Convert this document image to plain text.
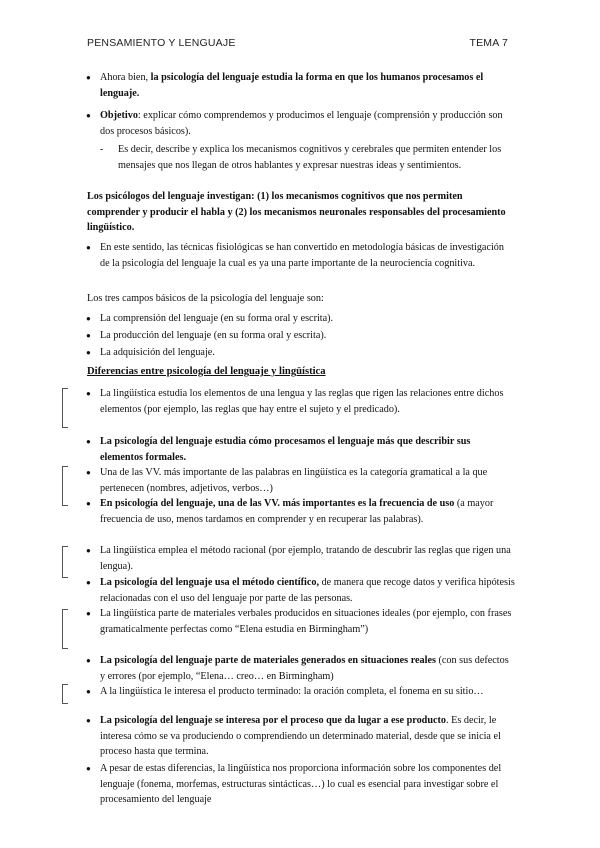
PENSAMIENTO Y LENGUAJE	TEMA 7
● Ahora bien, la psicología del lenguaje estudia la forma en que los humanos procesamos el lenguaje.
● Objetivo: explicar cómo comprendemos y producimos el lenguaje (comprensión y producción son dos procesos básicos).
- Es decir, describe y explica los mecanismos cognitivos y cerebrales que permiten entender los mensajes que nos llegan de otros hablantes y expresar nuestras ideas y sentimientos.
Los psicólogos del lenguaje investigan: (1) los mecanismos cognitivos que nos permiten comprender y producir el habla y (2) los mecanismos neuronales responsables del procesamiento lingüístico.
● En este sentido, las técnicas fisiológicas se han convertido en metodología básicas de investigación de la psicología del lenguaje la cual es ya una parte importante de la neurociencia cognitiva.
Los tres campos básicos de la psicología del lenguaje son:
● La comprensión del lenguaje (en su forma oral y escrita).
● La producción del lenguaje (en su forma oral y escrita).
● La adquisición del lenguaje.
Diferencias entre psicología del lenguaje y lingüística
● La lingüística estudia los elementos de una lengua y las reglas que rigen las relaciones entre dichos elementos (por ejemplo, las reglas que hay entre el sujeto y el predicado).
● La psicología del lenguaje estudia cómo procesamos el lenguaje más que describir sus elementos formales.
● Una de las VV. más importante de las palabras en lingüística es la categoría gramatical a la que pertenecen (nombres, adjetivos, verbos…)
● En psicología del lenguaje, una de las VV. más importantes es la frecuencia de uso (a mayor frecuencia de uso, menos tardamos en comprender y en recuperar las palabras).
● La lingüística emplea el método racional (por ejemplo, tratando de descubrir las reglas que rigen una lengua).
● La psicología del lenguaje usa el método científico, de manera que recoge datos y verifica hipótesis relacionadas con el uso del lenguaje por parte de las personas.
● La lingüística parte de materiales verbales producidos en situaciones ideales (por ejemplo, con frases gramaticalmente perfectas como “Elena estudia en Birmingham”)
● La psicología del lenguaje parte de materiales generados en situaciones reales (con sus defectos y errores (por ejemplo, “Elena… creo… en Birmingham)
● A la lingüística le interesa el producto terminado: la oración completa, el fonema en su sitio…
● La psicología del lenguaje se interesa por el proceso que da lugar a ese producto. Es decir, le interesa cómo se va produciendo o comprendiendo un determinado material, desde que se inicia el proceso hasta que termina.
● A pesar de estas diferencias, la lingüística nos proporciona información sobre los componentes del lenguaje (fonema, morfemas, estructuras sintácticas…) lo cual es esencial para investigar sobre el procesamiento del lenguaje
